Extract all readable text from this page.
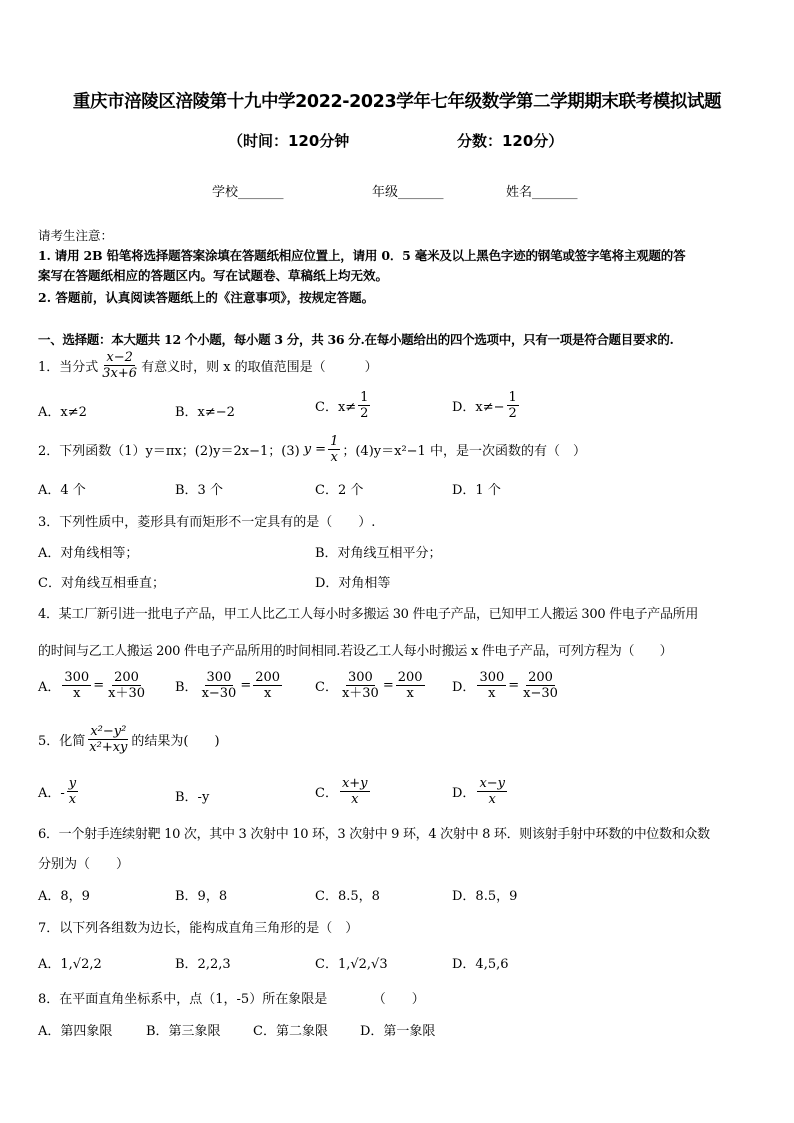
重庆市涪陵区涪陵第十九中学2022-2023学年七年级数学第二学期期末联考模拟试题
（时间：120分钟	分数：120分）
学校_______	年级_______	姓名_______
请考生注意：
1. 请用 2B 铅笔将选择题答案涂填在答题纸相应位置上，请用 0．5 毫米及以上黑色字迹的钢笔或签字笔将主观题的答
案写在答题纸相应的答题区内。写在试题卷、草稿纸上均无效。
2. 答题前，认真阅读答题纸上的《注意事项》，按规定答题。
一、选择题：本大题共 12 个小题，每小题 3 分，共 36 分.在每小题给出的四个选项中，只有一项是符合题目要求的.
1．当分式 $\frac{x-2}{3x+6}$ 有意义时，则 x 的取值范围是（　　　）
A．x≠2	B．x≠−2	C．$x\ne \frac{1}{2}$	D．$x\ne- \frac{1}{2}$
2．下列函数（1）y＝πx；(2)y＝2x−1；(3) $y = \frac{1}{x}$ ；(4)y＝x²−1 中，是一次函数的有（　）
A．4 个	B．3 个	C．2 个	D．1 个
3．下列性质中，菱形具有而矩形不一定具有的是（　　）.
A．对角线相等；	B．对角线互相平分；
C．对角线互相垂直；	D．对角相等
4．某工厂新引进一批电子产品，甲工人比乙工人每小时多搬运 30 件电子产品，已知甲工人搬运 300 件电子产品所用
的时间与乙工人搬运 200 件电子产品所用的时间相同.若设乙工人每小时搬运 x 件电子产品，可列方程为（　　）
A． $\frac{300}{x} = \frac{200}{x+30}$ B． $\frac{300}{x-30} = \frac{200}{x}$	C． $\frac{300}{x+30} = \frac{200}{x}$ D． $\frac{300}{x} = \frac{200}{x-30}$
5．化简 $\frac{\text{x²−y²}}{\text{x²+xy}}$ 的结果为(　　)
A．- $\frac{y}{x}$	B．-y	C． $\frac{x+y}{x}$	D． $\frac{x-y}{x}$
6．一个射手连续射靶 10 次，其中 3 次射中 10 环，3 次射中 9 环，4 次射中 8 环．则该射手射中环数的中位数和众数
分别为（　　）
A．8，9	B．9，8	C．8.5，8	D．8.5，9
7．以下列各组数为边长，能构成直角三角形的是（　）
A．1,√2,2	B．2,2,3	C．1,√2,√3	D．4,5,6
8．在平面直角坐标系中，点（1，-5）所在象限是　　　　（　　）
A．第四象限	B．第三象限 C．第二象限 D．第一象限
